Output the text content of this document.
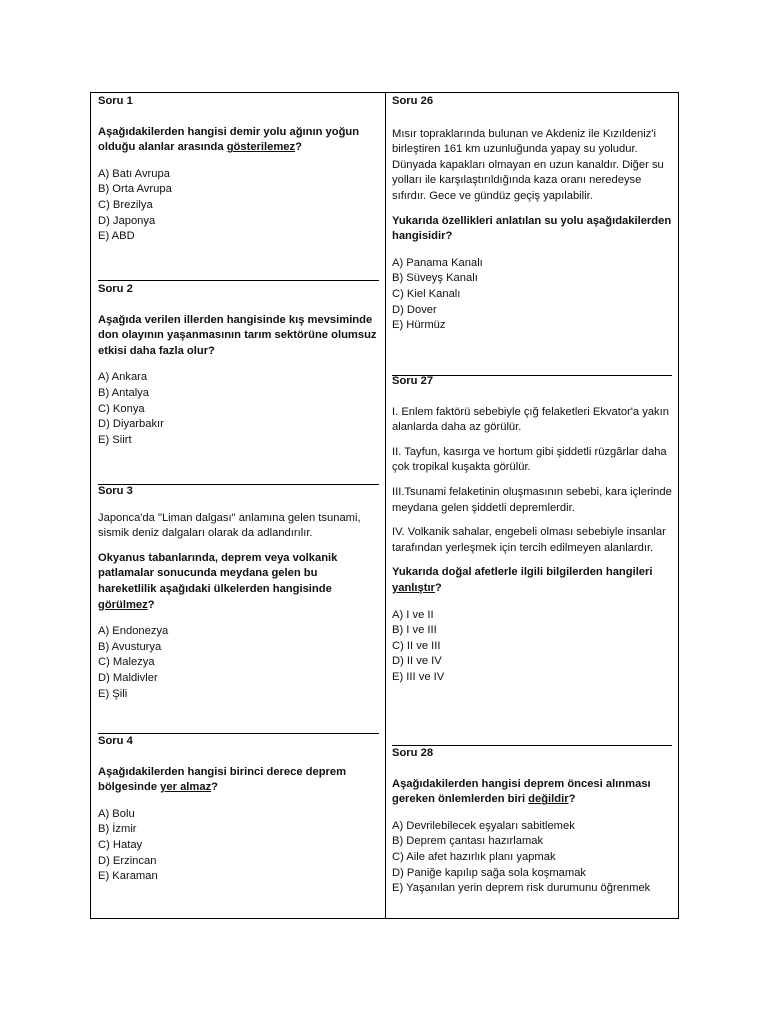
Soru 1

Aşağıdakilerden hangisi demir yolu ağının yoğun olduğu alanlar arasında gösterilemez?

A) Batı Avrupa
B) Orta Avrupa
C) Brezilya
D) Japonya
E) ABD

Soru 2

Aşağıda verilen illerden hangisinde kış mevsiminde don olayının yaşanmasının tarım sektörüne olumsuz etkisi daha fazla olur?

A) Ankara
B) Antalya
C) Konya
D) Diyarbakır
E) Siirt

Soru 3

Japonca'da "Liman dalgası" anlamına gelen tsunami, sismik deniz dalgaları olarak da adlandırılır.

Okyanus tabanlarında, deprem veya volkanik patlamalar sonucunda meydana gelen bu hareketlilik aşağıdaki ülkelerden hangisinde görülmez?

A) Endonezya
B) Avusturya
C) Malezya
D) Maldivler
E) Şili

Soru 4

Aşağıdakilerden hangisi birinci derece deprem bölgesinde yer almaz?

A) Bolu
B) İzmir
C) Hatay
D) Erzincan
E) Karaman

Soru 26

Mısır topraklarında bulunan ve Akdeniz ile Kızıldeniz'i birleştiren 161 km uzunluğunda yapay su yoludur. Dünyada kapakları olmayan en uzun kanaldır. Diğer su yolları ile karşılaştırıldığında kaza oranı neredeyse sıfırdır. Gece ve gündüz geçiş yapılabilir.

Yukarıda özellikleri anlatılan su yolu aşağıdakilerden hangisidir?

A) Panama Kanalı
B) Süveyş Kanalı
C) Kiel Kanalı
D) Dover
E) Hürmüz

Soru 27

I. Enlem faktörü sebebiyle çığ felaketleri Ekvator'a yakın alanlarda daha az görülür.

II. Tayfun, kasırga ve hortum gibi şiddetli rüzgârlar daha çok tropikal kuşakta görülür.

III.Tsunami felaketinin oluşmasının sebebi, kara içlerinde meydana gelen şiddetli depremlerdir.

IV. Volkanik sahalar, engebeli olması sebebiyle insanlar tarafından yerleşmek için tercih edilmeyen alanlardır.

Yukarıda doğal afetlerle ilgili bilgilerden hangileri yanlıştır?

A) I ve II
B) I ve III
C) II ve III
D) II ve IV
E) III ve IV

Soru 28

Aşağıdakilerden hangisi deprem öncesi alınması gereken önlemlerden biri değildir?

A) Devrilebilecek eşyaları sabitlemek
B) Deprem çantası hazırlamak
C) Aile afet hazırlık planı yapmak
D) Paniğe kapılıp sağa sola koşmamak
E) Yaşanılan yerin deprem risk durumunu öğrenmek
